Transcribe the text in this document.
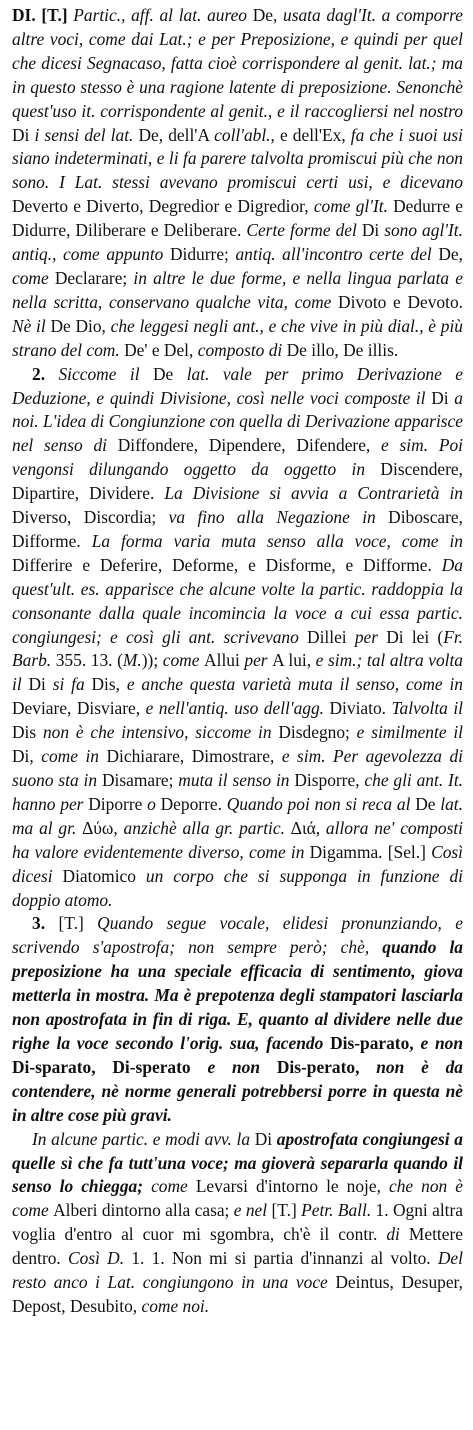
DI. [T.] Partic., aff. al lat. aureo De, usata dagl'It. a comporre altre voci, come dai Lat.; e per Preposizione, e quindi per quel che dicesi Segnacaso, fatta cioè corrispondere al genit. lat.; ma in questo stesso è una ragione latente di preposizione. Senonchè quest'uso it. corrispondente al genit., e il raccogliersi nel nostro Di i sensi del lat. De, dell'A coll'abl., e dell'Ex, fa che i suoi usi siano indeterminati, e li fa parere talvolta promiscui più che non sono. I Lat. stessi avevano promiscui certi usi, e dicevano Deverto e Diverto, Degredior e Digredior, come gl'It. Dedurre e Didurre, Diliberare e Deliberare. Certe forme del Di sono agl'It. antiq., come appunto Didurre; antiq. all'incontro certe del De, come Declarare; in altre le due forme, e nella lingua parlata e nella scritta, conservano qualche vita, come Divoto e Devoto. Nè il De Dio, che leggesi negli ant., e che vive in più dial., è più strano del com. De' e Del, composto di De illo, De illis.

2. Siccome il De lat. vale per primo Derivazione e Deduzione, e quindi Divisione, così nelle voci composte il Di a noi. L'idea di Congiunzione con quella di Derivazione apparisce nel senso di Diffondere, Dipendere, Difendere, e sim. Poi vengonsi dilungando oggetto da oggetto in Discendere, Dipartire, Dividere. La Divisione si avvia a Contrarietà in Diverso, Discordia; va fino alla Negazione in Diboscare, Difforme. La forma varia muta senso alla voce, come in Differire e Deferire, Deforme, e Disforme, e Difforme. Da quest'ult. es. apparisce che alcune volte la partic. raddoppia la consonante dalla quale incomincia la voce a cui essa partic. congiungesi; e così gli ant. scrivevano Dillei per Di lei (Fr. Barb. 355. 13. (M.)); come Allui per A lui, e sim.; tal altra volta il Di si fa Dis, e anche questa varietà muta il senso, come in Deviare, Disviare, e nell'antiq. uso dell'agg. Diviato. Talvolta il Dis non è che intensivo, siccome in Disdegno; e similmente il Di, come in Dichiarare, Dimostrare, e sim. Per agevolezza di suono sta in Disamare; muta il senso in Disporre, che gli ant. It. hanno per Diporre o Deporre. Quando poi non si reca al De lat. ma al gr. Δύω, anzichè alla gr. partic. Διά, allora ne' composti ha valore evidentemente diverso, come in Digamma. [Sel.] Così dicesi Diatomico un corpo che si supponga in funzione di doppio atomo.

3. [T.] Quando segue vocale, elidesi pronunziando, e scrivendo s'apostrofa; non sempre però; chè, quando la preposizione ha una speciale efficacia di sentimento, giova metterla in mostra. Ma è prepotenza degli stampatori lasciarla non apostrofata in fin di riga. E, quanto al dividere nelle due righe la voce secondo l'orig. sua, facendo Dis-parato, e non Di-sparato, Di-sperato e non Dis-perato, non è da contendere, nè norme generali potrebbersi porre in questa nè in altre cose più gravi.

In alcune partic. e modi avv. la Di apostrofata congiungesi a quelle sì che fa tutt'una voce; ma gioverà separarla quando il senso lo chiegga; come Levarsi d'intorno le noje, che non è come Alberi dintorno alla casa; e nel [T.] Petr. Ball. 1. Ogni altra voglia d'entro al cuor mi sgombra, ch'è il contr. di Mettere dentro. Così D. 1. 1. Non mi si partia d'innanzi al volto. Del resto anco i Lat. congiungono in una voce Deintus, Desuper, Depost, Desubito, come noi.
